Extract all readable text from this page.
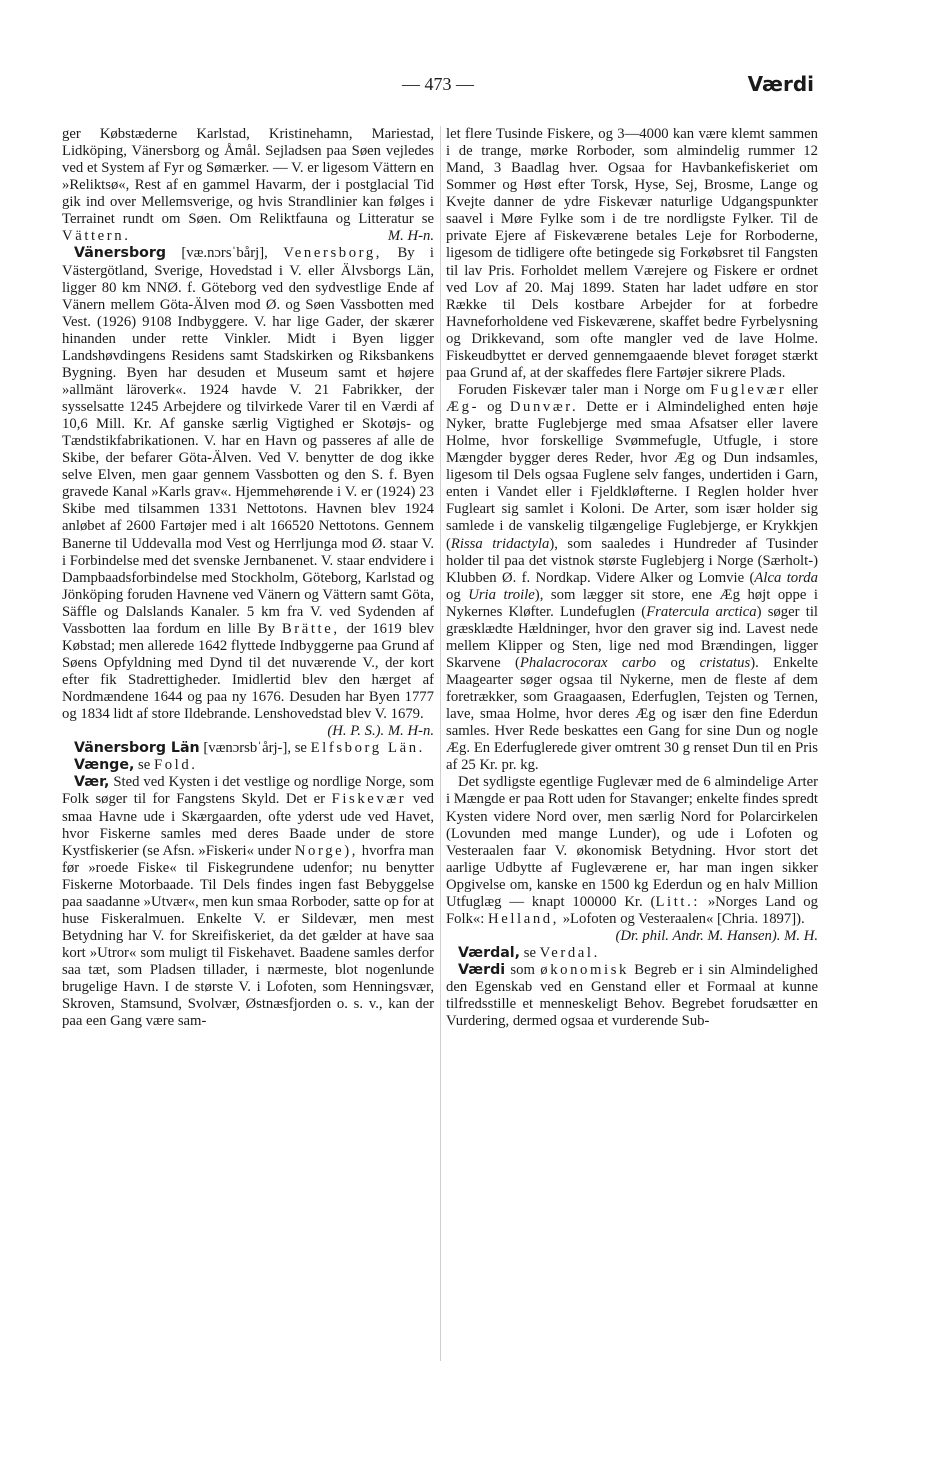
— 473 —	Værdi

ger Købstæderne Karlstad, Kristinehamn, Mariestad, Lidköping, Vänersborg og Åmål. Sejladsen paa Søen vejledes ved et System af Fyr og Sømærker. — V. er ligesom Vättern en »Reliktsø«, Rest af en gammel Havarm, der i postglacial Tid gik ind over Mellemsverige, og hvis Strandlinier kan følges i Terrainet rundt om Søen. Om Reliktfauna og Litteratur se Vättern.	M. H-n.

Vänersborg [væ.nɔrsˈbårj], Venersborg, By i Västergötland, Sverige, Hovedstad i V. eller Älvsborgs Län, ligger 80 km NNØ. f. Göteborg ved den sydvestlige Ende af Vänern mellem Göta-Älven mod Ø. og Søen Vassbotten med Vest. (1926) 9108 Indbyggere. V. har lige Gader, der skærer hinanden under rette Vinkler. Midt i Byen ligger Landshøvdingens Residens samt Stadskirken og Riksbankens Bygning. Byen har desuden et Museum samt et højere »allmänt läroverk«. 1924 havde V. 21 Fabrikker, der sysselsatte 1245 Arbejdere og tilvirkede Varer til en Værdi af 10,6 Mill. Kr. Af ganske særlig Vigtighed er Skotøjs- og Tændstikfabrikationen. V. har en Havn og passeres af alle de Skibe, der befarer Göta-Älven. Ved V. benytter de dog ikke selve Elven, men gaar gennem Vassbotten og den S. f. Byen gravede Kanal »Karls grav«. Hjemmehørende i V. er (1924) 23 Skibe med tilsammen 1331 Nettotons. Havnen blev 1924 anløbet af 2600 Fartøjer med i alt 166520 Nettotons. Gennem Banerne til Uddevalla mod Vest og Herrljunga mod Ø. staar V. i Forbindelse med det svenske Jernbanenet. V. staar endvidere i Dampbaadsforbindelse med Stockholm, Göteborg, Karlstad og Jönköping foruden Havnene ved Vänern og Vättern samt Göta, Säffle og Dalslands Kanaler. 5 km fra V. ved Sydenden af Vassbotten laa fordum en lille By Brätte, der 1619 blev Købstad; men allerede 1642 flyttede Indbyggerne paa Grund af Søens Opfyldning med Dynd til det nuværende V., der kort efter fik Stadrettigheder. Imidlertid blev den hærget af Nordmændene 1644 og paa ny 1676. Desuden har Byen 1777 og 1834 lidt af store Ildebrande. Lenshovedstad blev V. 1679.

(H. P. S.). M. H-n.

Vänersborg Län [vænɔrsbˈårj-], se Elfsborg Län.

Vænge, se Fold.

Vær, Sted ved Kysten i det vestlige og nordlige Norge, som Folk søger til for Fangstens Skyld. Det er Fiskevær ved smaa Havne ude i Skærgaarden, ofte yderst ude ved Havet, hvor Fiskerne samles med deres Baade under de store Kystfiskerier (se Afsn. »Fiskeri« under Norge), hvorfra man før »roede Fiske« til Fiskegrundene udenfor; nu benytter Fiskerne Motorbaade. Til Dels findes ingen fast Bebyggelse paa saadanne »Utvær«, men kun smaa Rorboder, satte op for at huse Fiskeralmuen. Enkelte V. er Sildevær, men mest Betydning har V. for Skreifiskeriet, da det gælder at have saa kort »Utror« som muligt til Fiskehavet. Baadene samles derfor saa tæt, som Pladsen tillader, i nærmeste, blot nogenlunde brugelige Havn. I de største V. i Lofoten, som Henningsvær, Skroven, Stamsund, Svolvær, Østnæsfjorden o. s. v., kan der paa een Gang være sam-

let flere Tusinde Fiskere, og 3—4000 kan være klemt sammen i de trange, mørke Rorboder, som almindelig rummer 12 Mand, 3 Baadlag hver. Ogsaa for Havbankefiskeriet om Sommer og Høst efter Torsk, Hyse, Sej, Brosme, Lange og Kvejte danner de ydre Fiskevær naturlige Udgangspunkter saavel i Møre Fylke som i de tre nordligste Fylker. Til de private Ejere af Fiskeværene betales Leje for Rorboderne, ligesom de tidligere ofte betingede sig Forkøbsret til Fangsten til lav Pris. Forholdet mellem Værejere og Fiskere er ordnet ved Lov af 20. Maj 1899. Staten har ladet udføre en stor Række til Dels kostbare Arbejder for at forbedre Havneforholdene ved Fiskeværene, skaffet bedre Fyrbelysning og Drikkevand, som ofte mangler ved de lave Holme. Fiskeudbyttet er derved gennemgaaende blevet forøget stærkt paa Grund af, at der skaffedes flere Fartøjer sikrere Plads.

Foruden Fiskevær taler man i Norge om Fuglevær eller Æg- og Dunvær. Dette er i Almindelighed enten høje Nyker, bratte Fuglebjerge med smaa Afsatser eller lavere Holme, hvor forskellige Svømmefugle, Utfugle, i store Mængder bygger deres Reder, hvor Æg og Dun indsamles, ligesom til Dels ogsaa Fuglene selv fanges, undertiden i Garn, enten i Vandet eller i Fjeldkløfterne. I Reglen holder hver Fugleart sig samlet i Koloni. De Arter, som især holder sig samlede i de vanskelig tilgængelige Fuglebjerge, er Krykkjen (Rissa tridactyla), som saaledes i Hundreder af Tusinder holder til paa det vistnok største Fuglebjerg i Norge (Særholt-) Klubben Ø. f. Nordkap. Videre Alker og Lomvie (Alca torda og Uria troile), som lægger sit store, ene Æg højt oppe i Nykernes Kløfter. Lundefuglen (Fratercula arctica) søger til græsklædte Hældninger, hvor den graver sig ind. Lavest nede mellem Klipper og Sten, lige ned mod Brændingen, ligger Skarvene (Phalacrocorax carbo og cristatus). Enkelte Maagearter søger ogsaa til Nykerne, men de fleste af dem foretrækker, som Graagaasen, Ederfuglen, Tejsten og Ternen, lave, smaa Holme, hvor deres Æg og især den fine Ederdun samles. Hver Rede beskattes een Gang for sine Dun og nogle Æg. En Ederfuglerede giver omtrent 30 g renset Dun til en Pris af 25 Kr. pr. kg.

Det sydligste egentlige Fuglevær med de 6 almindelige Arter i Mængde er paa Rott uden for Stavanger; enkelte findes spredt Kysten videre Nord over, men særlig Nord for Polarcirkelen (Lovunden med mange Lunder), og ude i Lofoten og Vesteraalen faar V. økonomisk Betydning. Hvor stort det aarlige Udbytte af Fugleværene er, har man ingen sikker Opgivelse om, kanske en 1500 kg Ederdun og en halv Million Utfuglæg — knapt 100000 Kr. (Litt.: »Norges Land og Folk«: Helland, »Lofoten og Vesteraalen« [Chria. 1897]).

(Dr. phil. Andr. M. Hansen). M. H.

Værdal, se Verdal.

Værdi som økonomisk Begreb er i sin Almindelighed den Egenskab ved en Genstand eller et Formaal at kunne tilfredsstille et menneskeligt Behov. Begrebet forudsætter en Vurdering, dermed ogsaa et vurderende Sub-
